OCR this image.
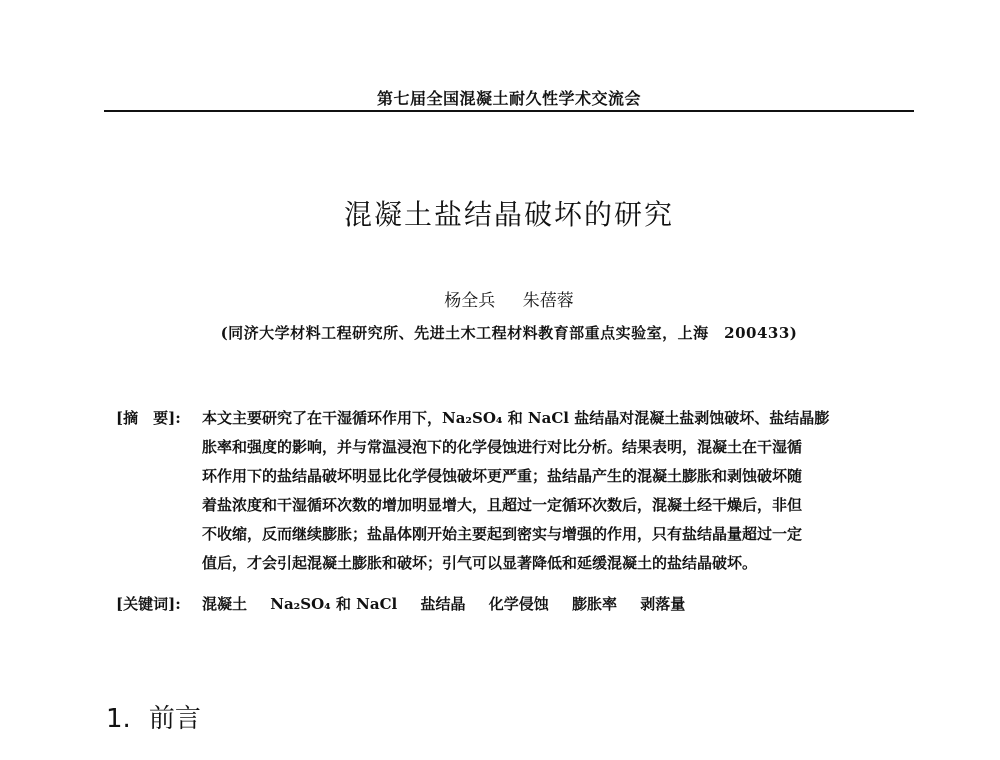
第七届全国混凝土耐久性学术交流会
混凝土盐结晶破坏的研究
杨全兵 朱蓓蓉
(同济大学材料工程研究所、先进土木工程材料教育部重点实验室，上海　200433)
[摘　要]: 本文主要研究了在干湿循环作用下，Na₂SO₄ 和 NaCl 盐结晶对混凝土盐剥蚀破坏、盐结晶膨
胀率和强度的影响，并与常温浸泡下的化学侵蚀进行对比分析。结果表明，混凝土在干湿循
环作用下的盐结晶破坏明显比化学侵蚀破坏更严重；盐结晶产生的混凝土膨胀和剥蚀破坏随
着盐浓度和干湿循环次数的增加明显增大，且超过一定循环次数后，混凝土经干燥后，非但
不收缩，反而继续膨胀；盐晶体刚开始主要起到密实与增强的作用，只有盐结晶量超过一定
值后，才会引起混凝土膨胀和破坏；引气可以显著降低和延缓混凝土的盐结晶破坏。
[关键词]: 混凝土 Na₂SO₄ 和 NaCl 盐结晶 化学侵蚀 膨胀率 剥落量
1. 前言
